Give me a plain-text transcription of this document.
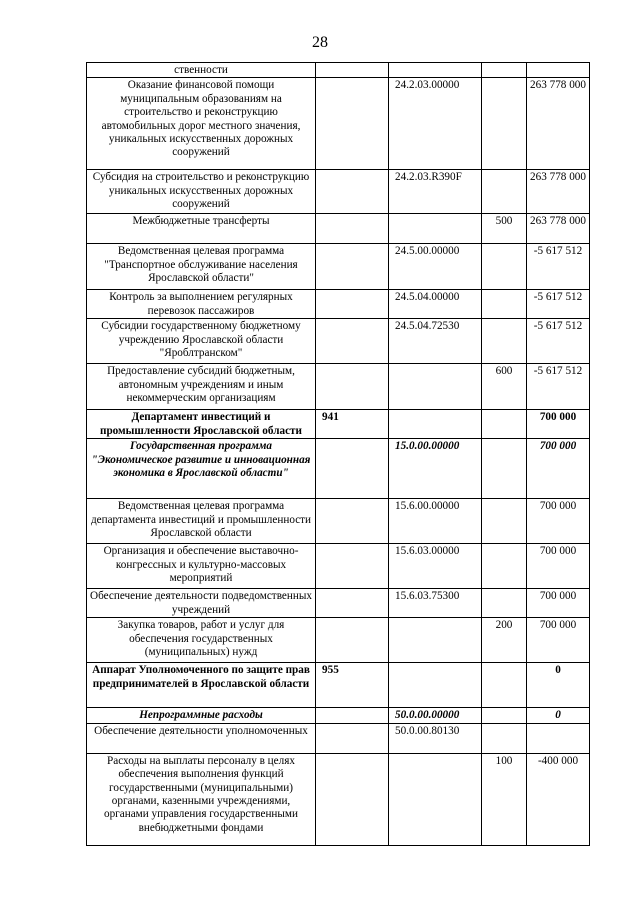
28
ственности				
Оказание финансовой помощи муниципальным образованиям на строительство и реконструкцию автомобильных дорог местного значения, уникальных искусственных дорожных сооружений		24.2.03.00000		263 778 000
Субсидия на строительство и реконструкцию уникальных искусственных дорожных сооружений		24.2.03.R390F		263 778 000
Межбюджетные трансферты			500	263 778 000
Ведомственная целевая программа "Транспортное обслуживание населения Ярославской области"		24.5.00.00000		-5 617 512
Контроль за выполнением регулярных перевозок пассажиров		24.5.04.00000		-5 617 512
Субсидии государственному бюджетному учреждению Ярославской области "Яроблтранском"		24.5.04.72530		-5 617 512
Предоставление субсидий бюджетным, автономным учреждениям и иным некоммерческим организациям			600	-5 617 512
Департамент инвестиций и промышленности Ярославской области	941			700 000
Государственная программа "Экономическое развитие и инновационная экономика в Ярославской области"		15.0.00.00000		700 000
Ведомственная целевая программа департамента инвестиций и промышленности Ярославской области		15.6.00.00000		700 000
Организация и обеспечение выставочно-конгрессных и культурно-массовых мероприятий		15.6.03.00000		700 000
Обеспечение деятельности подведомственных учреждений		15.6.03.75300		700 000
Закупка товаров, работ и услуг для обеспечения государственных (муниципальных) нужд			200	700 000
Аппарат Уполномоченного по защите прав предпринимателей в Ярославской области	955			0
Непрограммные расходы		50.0.00.00000		0
Обеспечение деятельности уполномоченных		50.0.00.80130		
Расходы на выплаты персоналу в целях обеспечения выполнения функций государственными (муниципальными) органами, казенными учреждениями, органами управления государственными внебюджетными фондами			100	-400 000
